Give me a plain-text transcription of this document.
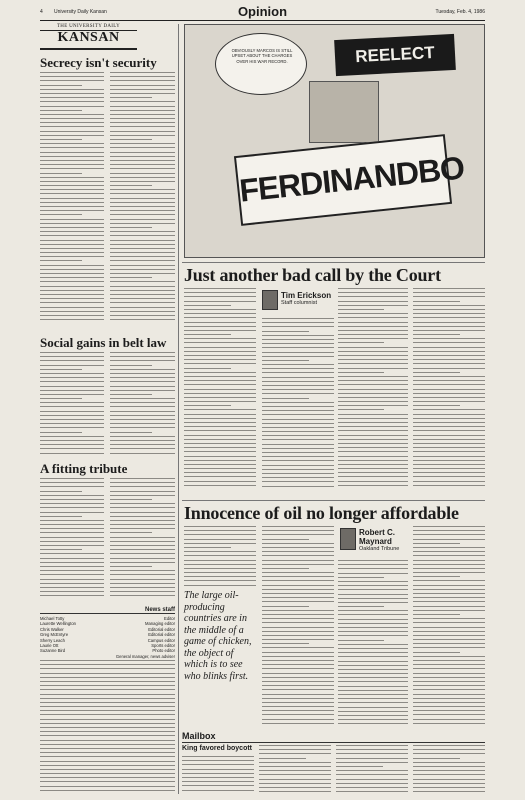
4 University Daily Kansan	Opinion	Tuesday, Feb. 4, 1986
THE UNIVERSITY DAILY
KANSAN
Secrecy isn't security
Social gains in belt law
A fitting tribute
News staff
Michael Totty	Editor
Laurette Wellington	Managing editor
Chris Walker	Editorial editor
Greg McEntyre	Editorial editor
Sherry Leach	Campus editor
Laurie Ott	Sports editor
Suzanne Bird	Photo editor
General manager, news adviser
OBVIOUSLY MARCOS IS STILL UPSET ABOUT THE CHARGES OVER HIS WAR RECORD.	REELECT
FERDINANDBO
Just another bad call by the Court
Tim Erickson
Staff columnist
Innocence of oil no longer affordable
The large oil-producing countries are in the middle of a game of chicken, the object of which is to see who blinks first.
Robert C. Maynard
Oakland Tribune
Mailbox
King favored boycott
